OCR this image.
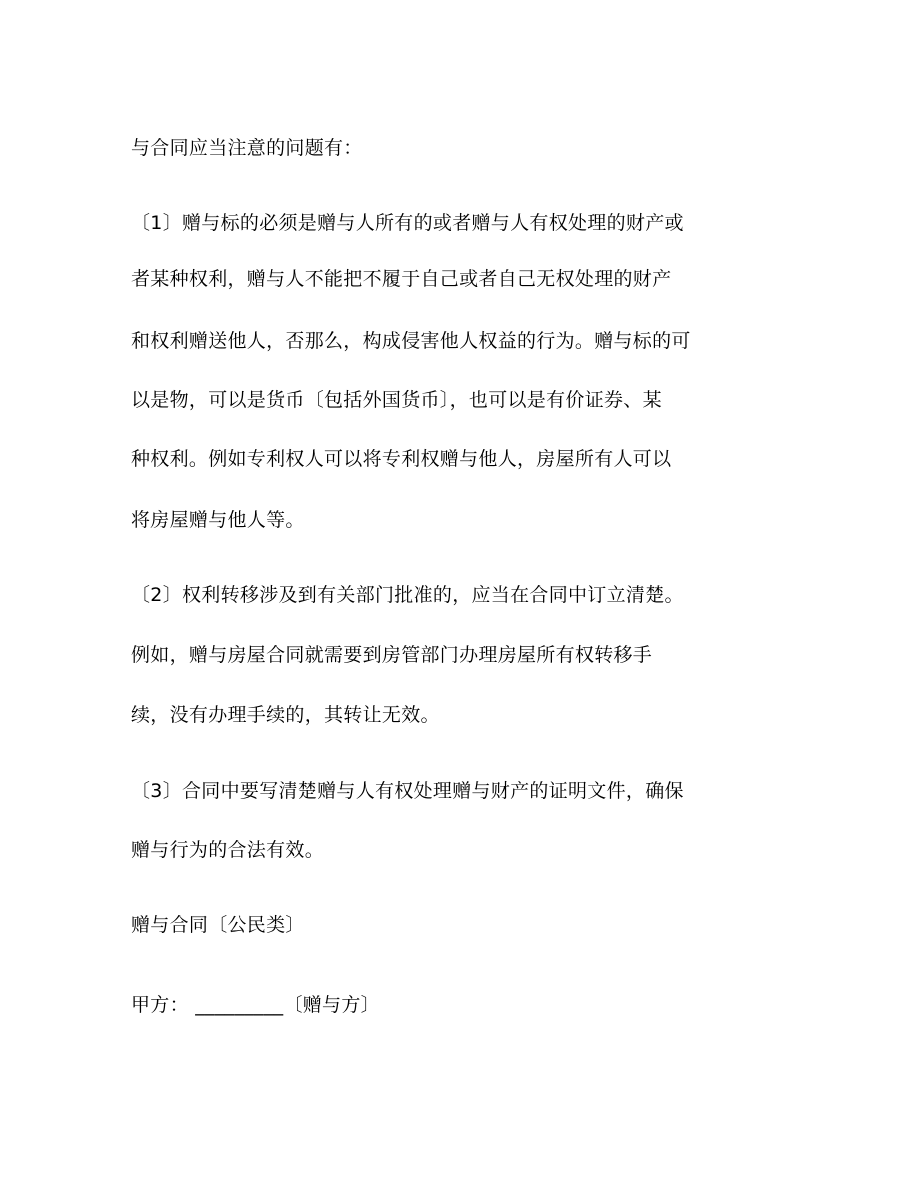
与合同应当注意的问题有：
〔1〕赠与标的必须是赠与人所有的或者赠与人有权处理的财产或
者某种权利，赠与人不能把不履于自己或者自己无权处理的财产
和权利赠送他人，否那么，构成侵害他人权益的行为。赠与标的可
以是物，可以是货币〔包括外国货币〕，也可以是有价证券、某
种权利。例如专利权人可以将专利权赠与他人，房屋所有人可以
将房屋赠与他人等。
〔2〕权利转移涉及到有关部门批准的，应当在合同中订立清楚。
例如，赠与房屋合同就需要到房管部门办理房屋所有权转移手
续，没有办理手续的，其转让无效。
〔3〕合同中要写清楚赠与人有权处理赠与财产的证明文件，确保
赠与行为的合法有效。
赠与合同〔公民类〕
甲方： _________〔赠与方〕
